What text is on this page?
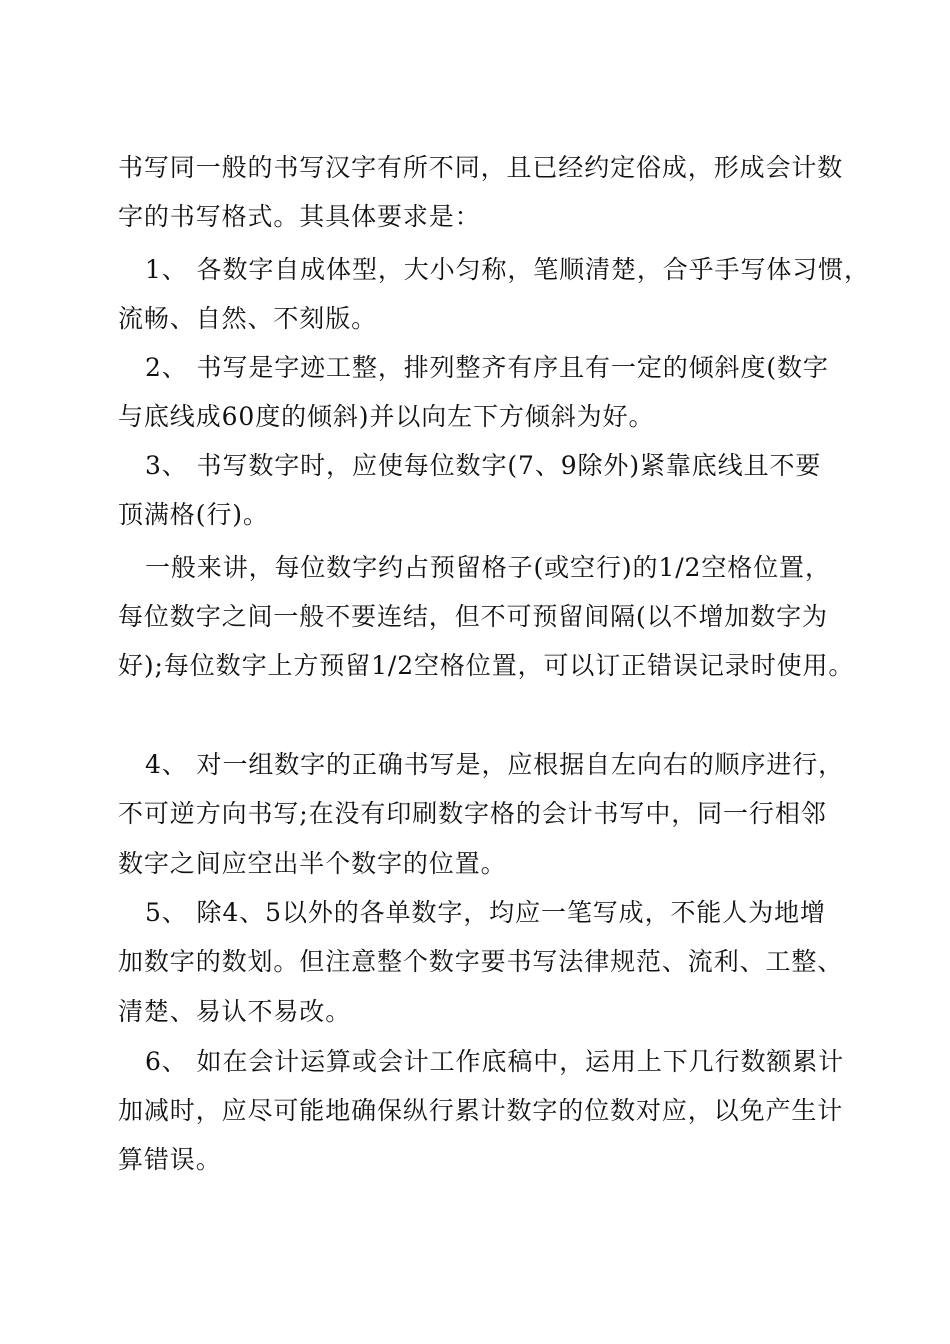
书写同一般的书写汉字有所不同，且已经约定俗成，形成会计数
字的书写格式。其具体要求是：
1、 各数字自成体型，大小匀称，笔顺清楚，合乎手写体习惯，
流畅、自然、不刻版。
2、 书写是字迹工整，排列整齐有序且有一定的倾斜度(数字
与底线成60度的倾斜)并以向左下方倾斜为好。
3、 书写数字时，应使每位数字(7、9除外)紧靠底线且不要
顶满格(行)。
一般来讲，每位数字约占预留格子(或空行)的1/2空格位置，
每位数字之间一般不要连结，但不可预留间隔(以不增加数字为
好);每位数字上方预留1/2空格位置，可以订正错误记录时使用。
4、 对一组数字的正确书写是，应根据自左向右的顺序进行，
不可逆方向书写;在没有印刷数字格的会计书写中，同一行相邻
数字之间应空出半个数字的位置。
5、 除4、5以外的各单数字，均应一笔写成，不能人为地增
加数字的数划。但注意整个数字要书写法律规范、流利、工整、
清楚、易认不易改。
6、 如在会计运算或会计工作底稿中，运用上下几行数额累计
加减时，应尽可能地确保纵行累计数字的位数对应，以免产生计
算错误。
